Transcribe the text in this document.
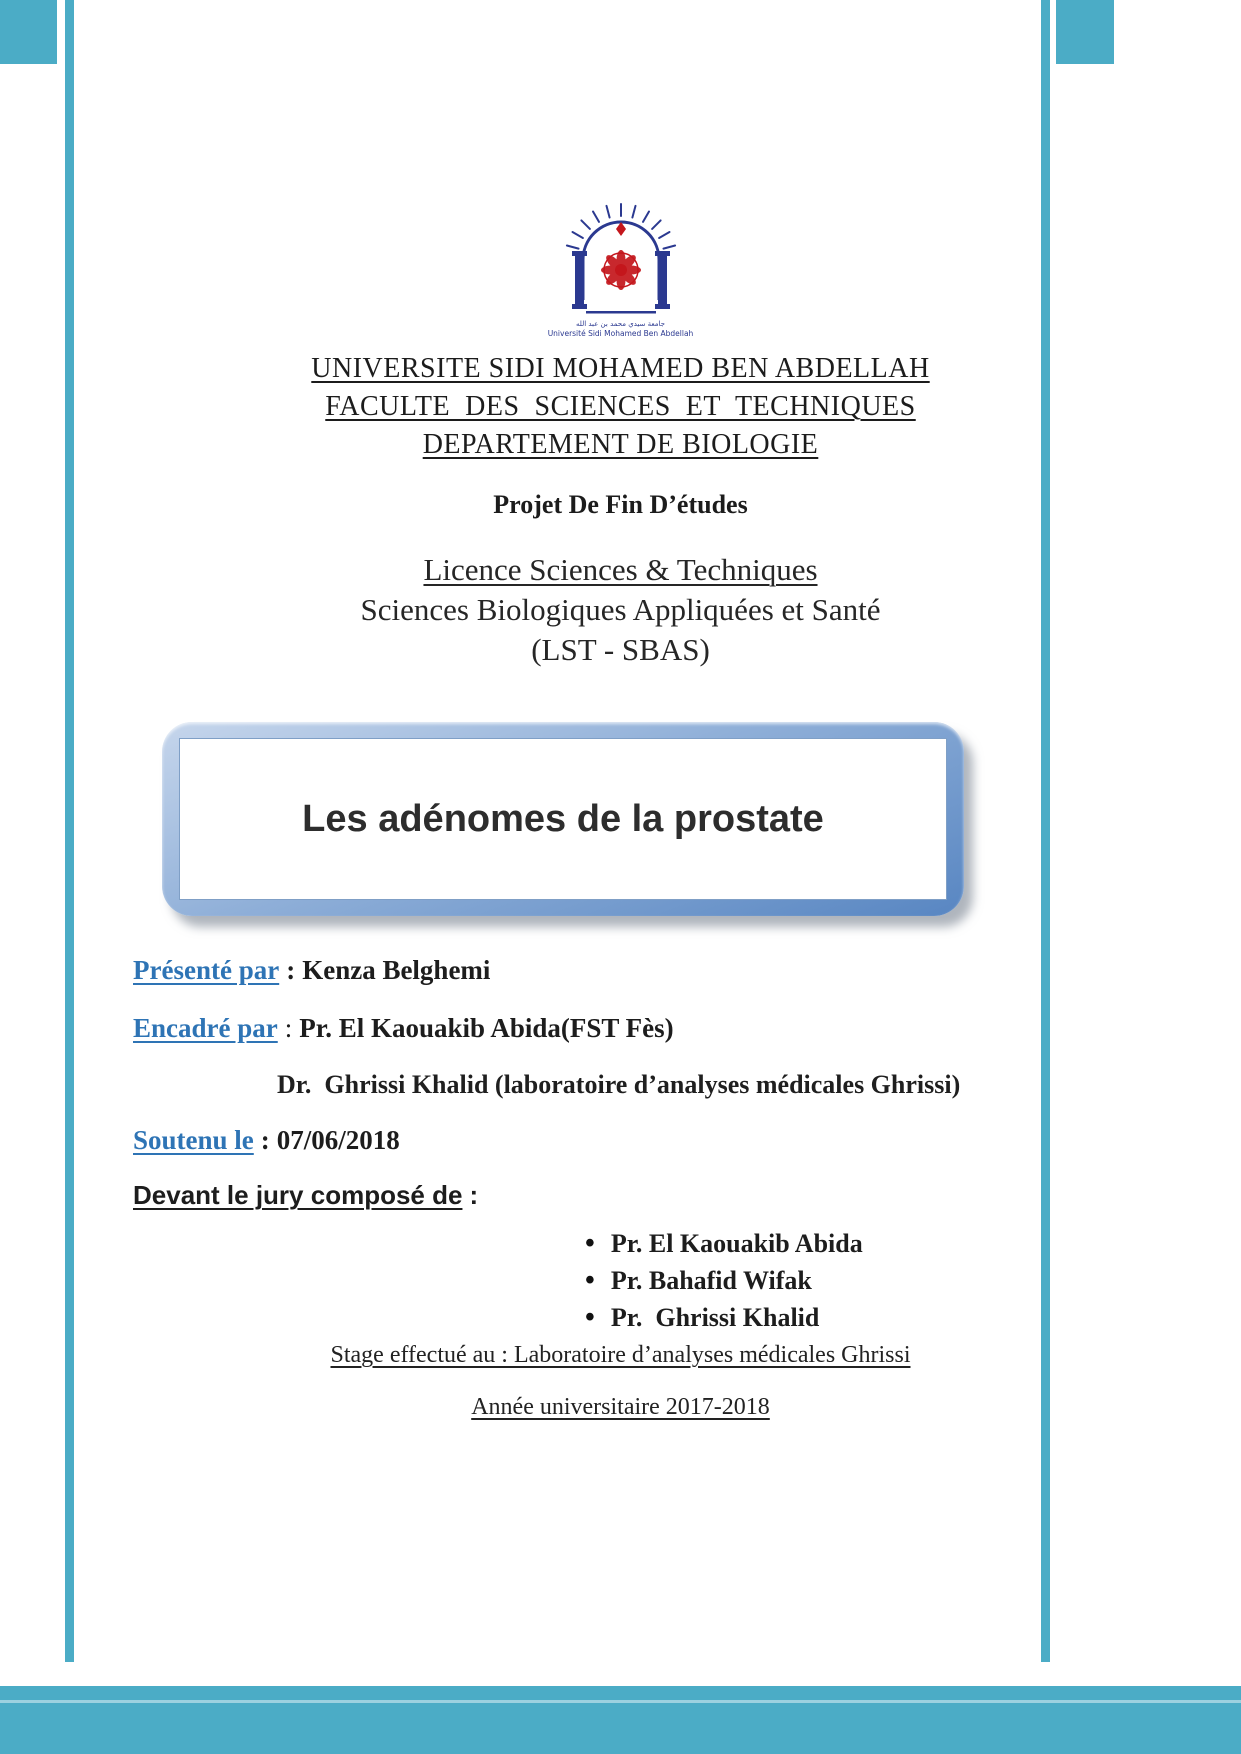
جامعة سيدي محمد بن عبد الله
Université Sidi Mohamed Ben Abdellah
UNIVERSITE SIDI MOHAMED BEN ABDELLAH
FACULTE  DES  SCIENCES  ET  TECHNIQUES
DEPARTEMENT DE BIOLOGIE
Projet De Fin D’études
Licence Sciences & Techniques
Sciences Biologiques Appliquées et Santé
(LST - SBAS)
Les adénomes de la prostate
Présenté par : Kenza Belghemi
Encadré par : Pr. El Kaouakib Abida(FST Fès)
Dr.  Ghrissi Khalid (laboratoire d’analyses médicales Ghrissi)
Soutenu le : 07/06/2018
Devant le jury composé de :
• Pr. El Kaouakib Abida
• Pr. Bahafid Wifak
• Pr.  Ghrissi Khalid
Stage effectué au : Laboratoire d’analyses médicales Ghrissi
Année universitaire 2017-2018
